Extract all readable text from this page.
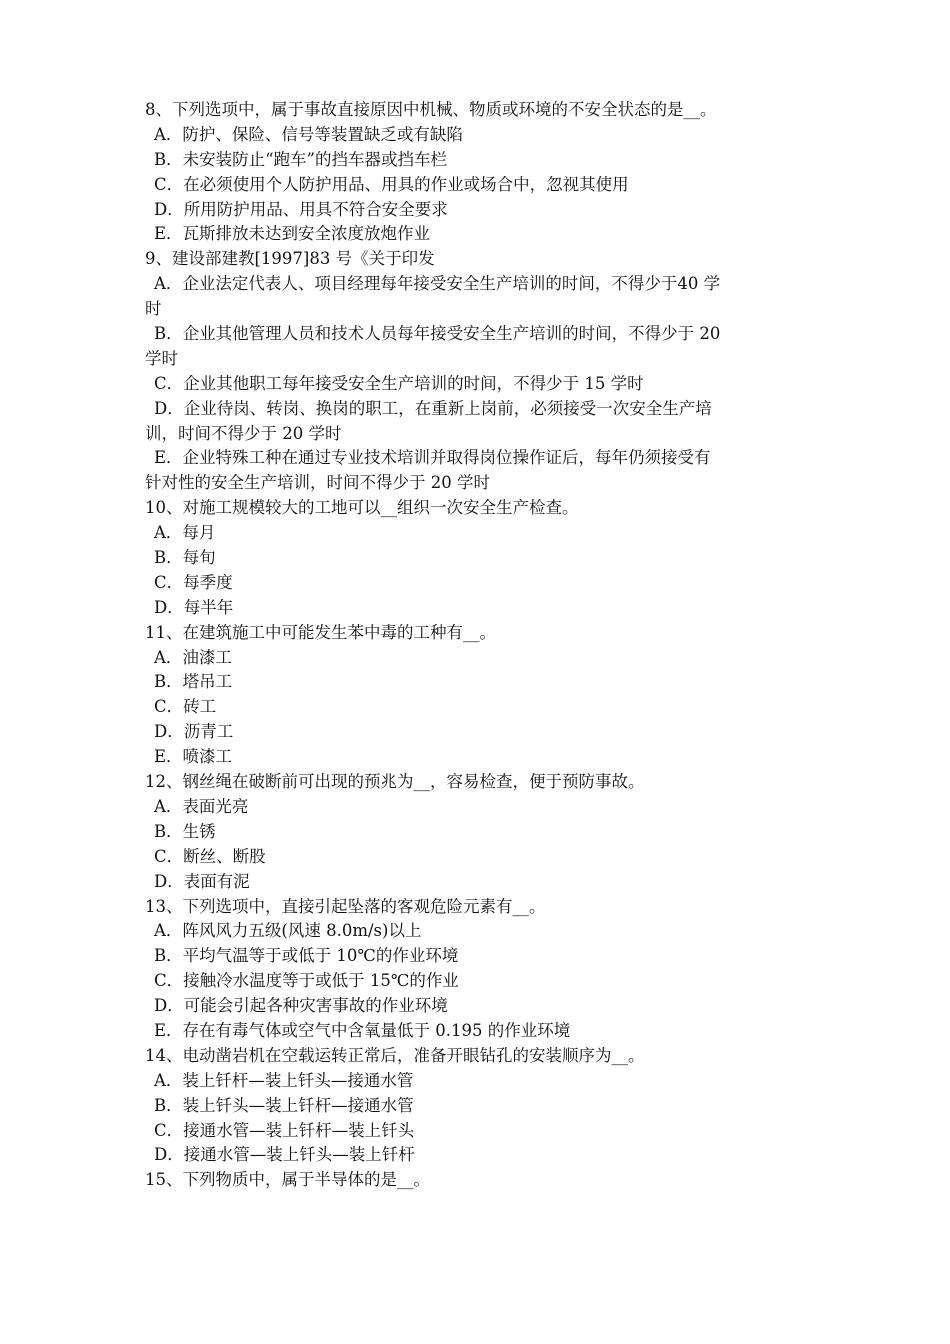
8、下列选项中，属于事故直接原因中机械、物质或环境的不安全状态的是__。
A．防护、保险、信号等装置缺乏或有缺陷
B．未安装防止“跑车”的挡车器或挡车栏
C．在必须使用个人防护用品、用具的作业或场合中，忽视其使用
D．所用防护用品、用具不符合安全要求
E．瓦斯排放未达到安全浓度放炮作业
9、建设部建教[1997]83 号《关于印发
A．企业法定代表人、项目经理每年接受安全生产培训的时间，不得少于40 学
时
B．企业其他管理人员和技术人员每年接受安全生产培训的时间，不得少于 20
学时
C．企业其他职工每年接受安全生产培训的时间，不得少于 15 学时
D．企业待岗、转岗、换岗的职工，在重新上岗前，必须接受一次安全生产培
训，时间不得少于 20 学时
E．企业特殊工种在通过专业技术培训并取得岗位操作证后，每年仍须接受有
针对性的安全生产培训，时间不得少于 20 学时
10、对施工规模较大的工地可以__组织一次安全生产检查。
A．每月
B．每旬
C．每季度
D．每半年
11、在建筑施工中可能发生苯中毒的工种有__。
A．油漆工
B．塔吊工
C．砖工
D．沥青工
E．喷漆工
12、钢丝绳在破断前可出现的预兆为__，容易检查，便于预防事故。
A．表面光亮
B．生锈
C．断丝、断股
D．表面有泥
13、下列选项中，直接引起坠落的客观危险元素有__。
A．阵风风力五级(风速 8.0m/s)以上
B．平均气温等于或低于 10℃的作业环境
C．接触冷水温度等于或低于 15℃的作业
D．可能会引起各种灾害事故的作业环境
E．存在有毒气体或空气中含氧量低于 0.195 的作业环境
14、电动凿岩机在空载运转正常后，准备开眼钻孔的安装顺序为__。
A．装上钎杆—装上钎头—接通水管
B．装上钎头—装上钎杆—接通水管
C．接通水管—装上钎杆—装上钎头
D．接通水管—装上钎头—装上钎杆
15、下列物质中，属于半导体的是__。
